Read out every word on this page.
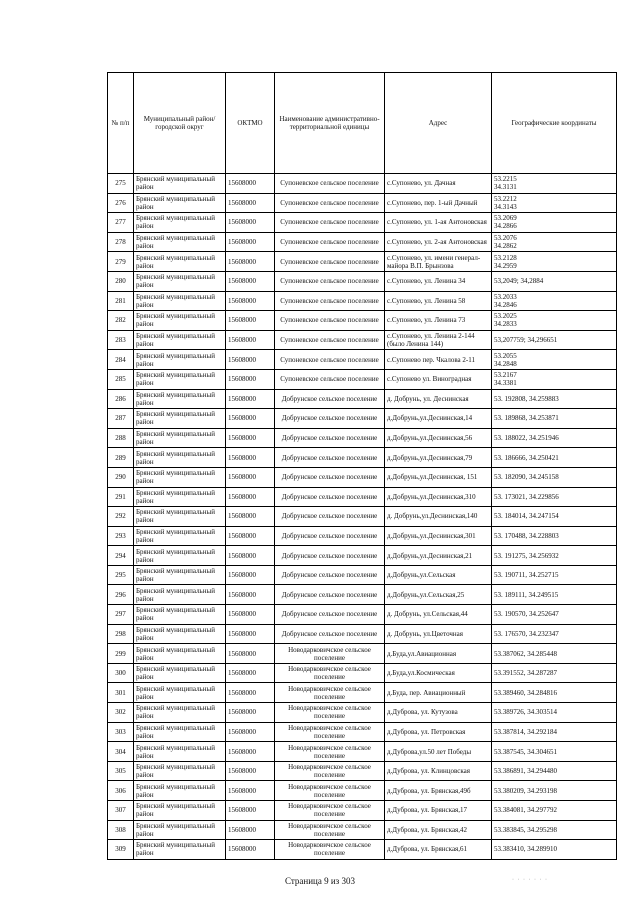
№ п/п	Муниципальный район/городской округ	ОКТМО	Наименование административно-территориальной единицы	Адрес	Географические координаты
275	Брянский муниципальный район	15608000	Супоневское сельское поселение	с.Супонево, ул. Дачная	53.2215
34.3131
276	Брянский муниципальный район	15608000	Супоневское сельское поселение	с.Супонево, пер. 1-ый Дачный	53.2212
34.3143
277	Брянский муниципальный район	15608000	Супоневское сельское поселение	с.Супонево, ул. 1-ая Антоновская	53.2069
34.2866
278	Брянский муниципальный район	15608000	Супоневское сельское поселение	с.Супонево, ул. 2-ая Антоновская	53.2076
34.2862
279	Брянский муниципальный район	15608000	Супоневское сельское поселение	с.Супонево, ул. имени генерал-майора В.П. Брынзова	53.2128
34.2959
280	Брянский муниципальный район	15608000	Супоневское сельское поселение	с.Супонево, ул. Ленина 34	53,2049; 34,2884
281	Брянский муниципальный район	15608000	Супоневское сельское поселение	с.Супонево, ул. Ленина 58	53.2033
34.2846
282	Брянский муниципальный район	15608000	Супоневское сельское поселение	с.Супонево, ул. Ленина 73	53.2025
34.2833
283	Брянский муниципальный район	15608000	Супоневское сельское поселение	с.Супонево, ул. Ленина 2-144 (было Ленина 144)	53,207759; 34,296651
284	Брянский муниципальный район	15608000	Супоневское сельское поселение	с.Супонево пер. Чкалова 2-11	53.2055
34.2848
285	Брянский муниципальный район	15608000	Супоневское сельское поселение	с.Супонево ул. Виноградная	53.2167
34.3381
286	Брянский муниципальный район	15608000	Добрунское сельское поселение	д. Добрунь, ул. Деснинская	53. 192808, 34.259883
287	Брянский муниципальный район	15608000	Добрунское сельское поселение	д.Добрунь,ул.Деснинская,14	53. 189868, 34.253871
288	Брянский муниципальный район	15608000	Добрунское сельское поселение	д.Добрунь,ул.Деснинская,56	53. 188022, 34.251946
289	Брянский муниципальный район	15608000	Добрунское сельское поселение	д.Добрунь,ул.Деснинская,79	53. 186666, 34.250421
290	Брянский муниципальный район	15608000	Добрунское сельское поселение	д.Добрунь,ул.Деснинская, 151	53. 182090, 34.245158
291	Брянский муниципальный район	15608000	Добрунское сельское поселение	д.Добрунь,ул.Деснинская,310	53. 173021, 34.229856
292	Брянский муниципальный район	15608000	Добрунское сельское поселение	д. Добрунь,ул.Деснинская,140	53. 184014, 34.247154
293	Брянский муниципальный район	15608000	Добрунское сельское поселение	д.Добрунь,ул.Деснинская,301	53. 170488, 34.228803
294	Брянский муниципальный район	15608000	Добрунское сельское поселение	д.Добрунь,ул.Деснинская,21	53. 191275, 34.256932
295	Брянский муниципальный район	15608000	Добрунское сельское поселение	д.Добрунь,ул.Сельская	53. 190711, 34.252715
296	Брянский муниципальный район	15608000	Добрунское сельское поселение	д.Добрунь,ул.Сельская,25	53. 189111, 34.249515
297	Брянский муниципальный район	15608000	Добрунское сельское поселение	д. Добрунь, ул.Сельская,44	53. 190570, 34.252647
298	Брянский муниципальный район	15608000	Добрунское сельское поселение	д. Добрунь, ул.Цветочная	53. 176570, 34.232347
299	Брянский муниципальный район	15608000	Новодарковичское сельское поселение	д.Буда,ул.Авиационная	53.387062, 34.285448
300	Брянский муниципальный район	15608000	Новодарковичское сельское поселение	д.Буда,ул.Космическая	53.391552, 34.287287
301	Брянский муниципальный район	15608000	Новодарковичское сельское поселение	д.Буда, пер. Авиационный	53.389460, 34.284816
302	Брянский муниципальный район	15608000	Новодарковичское сельское поселение	д.Дуброва, ул. Кутузова	53.389726, 34.303514
303	Брянский муниципальный район	15608000	Новодарковичское сельское поселение	д.Дуброва, ул. Петровская	53.387814, 34.292184
304	Брянский муниципальный район	15608000	Новодарковичское сельское поселение	д.Дуброва,ул.50 лет Победы	53.387545, 34.304651
305	Брянский муниципальный район	15608000	Новодарковичское сельское поселение	д.Дуброва, ул. Клинцовская	53.386891, 34.294480
306	Брянский муниципальный район	15608000	Новодарковичское сельское поселение	д.Дуброва, ул. Брянская,49б	53.380209, 34.293198
307	Брянский муниципальный район	15608000	Новодарковичское сельское поселение	д.Дуброва, ул. Брянская,17	53.384081, 34.297792
308	Брянский муниципальный район	15608000	Новодарковичское сельское поселение	д.Дуброва, ул. Брянская,42	53.383845, 34.295298
309	Брянский муниципальный район	15608000	Новодарковичское сельское поселение	д.Дуброва, ул. Брянская,61	53.383410, 34.289910
Страница 9 из 303	· · · · · · ·
